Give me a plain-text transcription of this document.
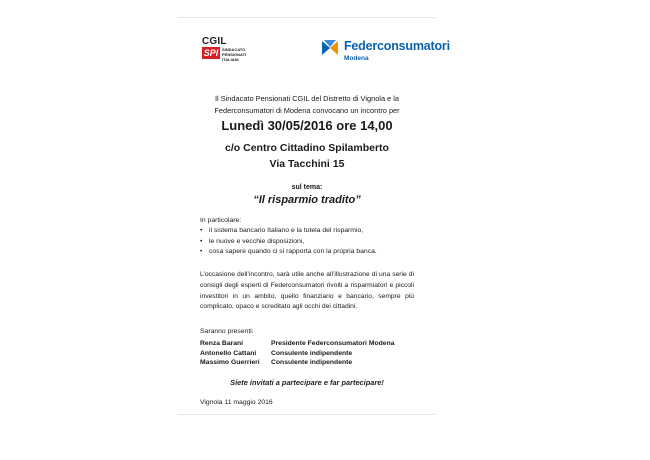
CGIL
SPI SINDACATO
PENSIONATI
ITALIANI
Federconsumatori
Modena
Il Sindacato Pensionati CGIL del Distretto di Vignola e la Federconsumatori di Modena convocano un incontro per
Lunedì 30/05/2016 ore 14,00
c/o Centro Cittadino Spilamberto
Via Tacchini 15
sul tema:
“Il risparmio tradito”
In particolare:
• il sistema bancario Italiano e la tutela del risparmio,
• le nuove e vecchie disposizioni,
• cosa sapere quando ci si rapporta con la propria banca.
L’occasione dell’incontro, sarà utile anche all’illustrazione di una serie di consigli degli esperti di Federconsumatori rivolti a risparmiatori e piccoli investitori in un ambito, quello finanziario e bancario, sempre più complicato, opaco e screditato agli occhi dei cittadini.
Saranno presenti:
Renza Barani	Presidente Federconsumatori Modena
Antonello Cattani Consulente indipendente
Massimo Guerrieri Consulente indipendente
Siete invitati a partecipare e far partecipare!
Vignola 11 maggio 2016
